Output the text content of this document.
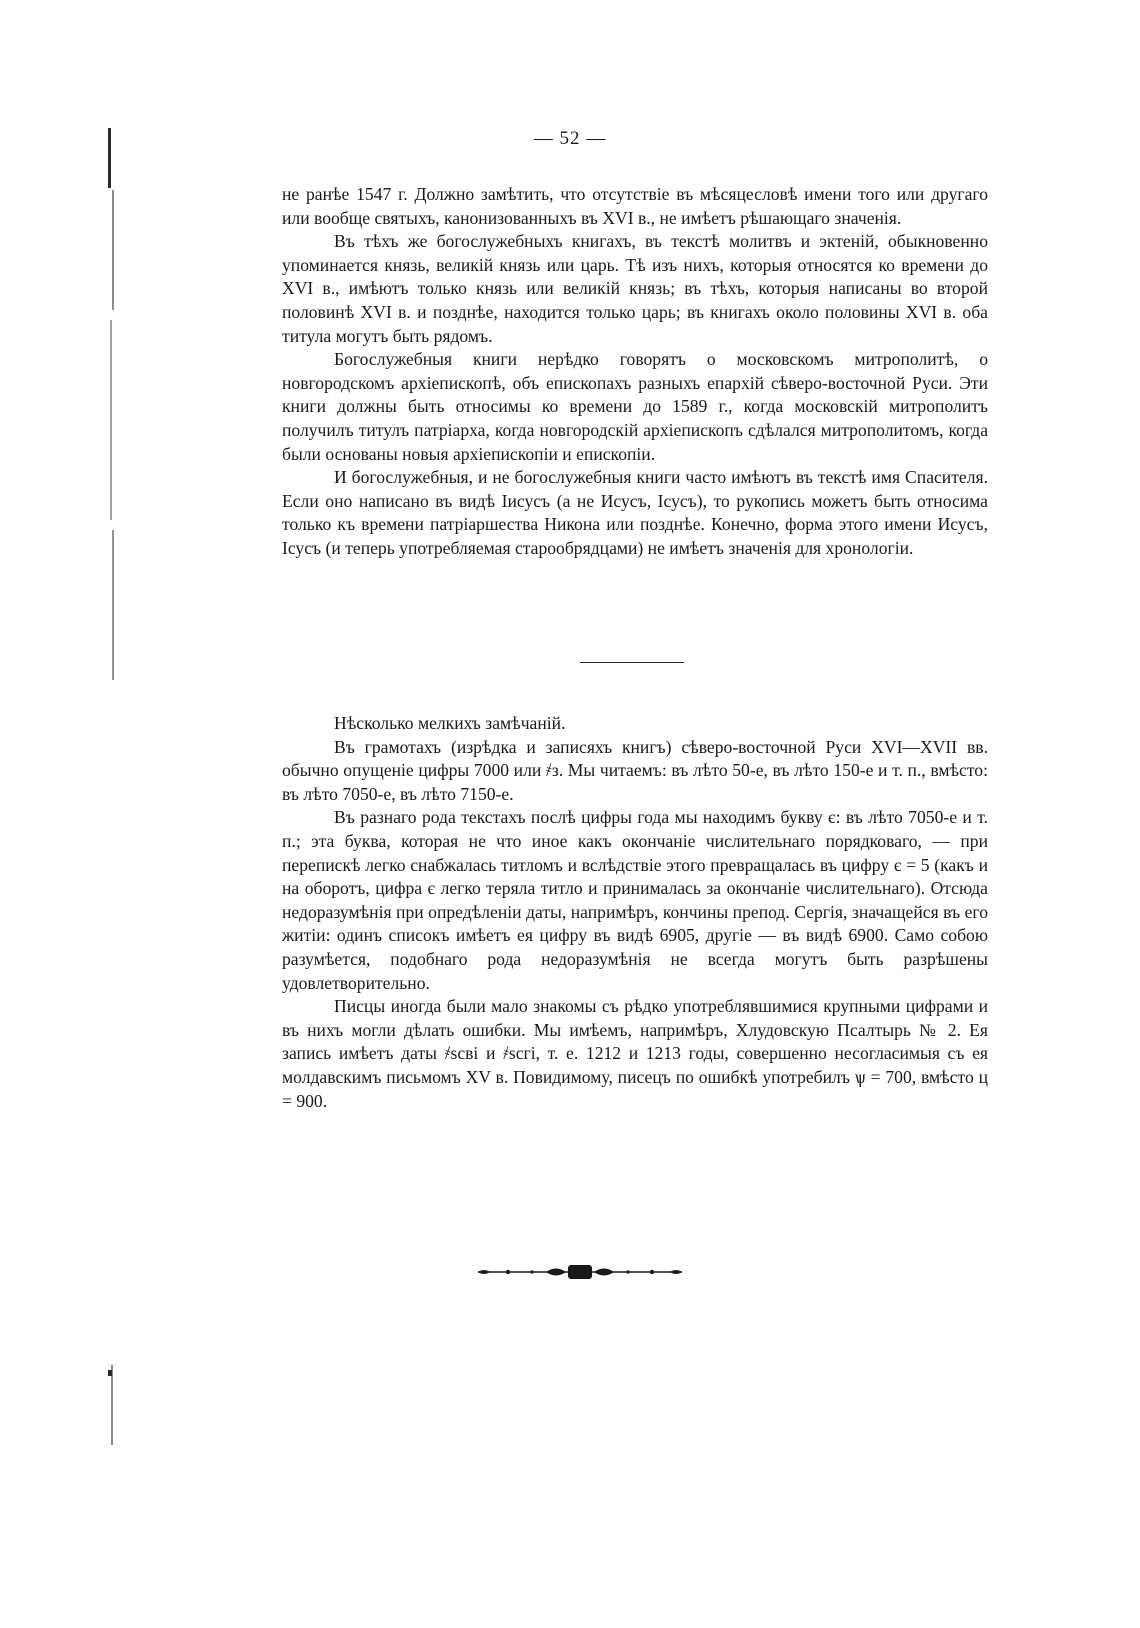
— 52 —

не ранѣе 1547 г. Должно замѣтить, что отсутствіе въ мѣсяцесловѣ имени того или другаго или вообще святыхъ, канонизованныхъ въ XVI в., не имѣетъ рѣшающаго значенія.

Въ тѣхъ же богослужебныхъ книгахъ, въ текстѣ молитвъ и эктеній, обыкновенно упоминается князь, великій князь или царь. Тѣ изъ нихъ, которыя относятся ко времени до XVI в., имѣютъ только князь или великій князь; въ тѣхъ, которыя написаны во второй половинѣ XVI в. и позднѣе, находится только царь; въ книгахъ около половины XVI в. оба титула могутъ быть рядомъ.

Богослужебныя книги нерѣдко говорятъ о московскомъ митрополитѣ, о новгородскомъ архіепископѣ, объ епископахъ разныхъ епархій сѣверо-восточной Руси. Эти книги должны быть относимы ко времени до 1589 г., когда московскій митрополитъ получилъ титулъ патріарха, когда новгородскій архіепископъ сдѣлался митрополитомъ, когда были основаны новыя архіепископіи и епископіи.

И богослужебныя, и не богослужебныя книги часто имѣютъ въ текстѣ имя Спасителя. Если оно написано въ видѣ Іисусъ (а не Исусъ, Ісусъ), то рукопись можетъ быть относима только къ времени патріаршества Никона или позднѣе. Конечно, форма этого имени Исусъ, Ісусъ (и теперь употребляемая старообрядцами) не имѣетъ значенія для хронологіи.

Нѣсколько мелкихъ замѣчаній.

Въ грамотахъ (изрѣдка и записяхъ книгъ) сѣверо-восточной Руси XVI—XVII вв. обычно опущеніе цифры 7000 или ҂з. Мы читаемъ: въ лѣто 50-е, въ лѣто 150-е и т. п., вмѣсто: въ лѣто 7050-е, въ лѣто 7150-е.

Въ разнаго рода текстахъ послѣ цифры года мы находимъ букву є: въ лѣто 7050-е и т. п.; эта буква, которая не что иное какъ окончаніе числительнаго порядковаго, — при перепискѣ легко снабжалась титломъ и вслѣдствіе этого превращалась въ цифру є = 5 (какъ и на оборотъ, цифра є легко теряла титло и принималась за окончаніе числительнаго). Отсюда недоразумѣнія при опредѣленіи даты, напримѣръ, кончины препод. Сергія, значащейся въ его житіи: одинъ списокъ имѣетъ ея цифру въ видѣ 6905, другіе — въ видѣ 6900. Само собою разумѣется, подобнаго рода недоразумѣнія не всегда могутъ быть разрѣшены удовлетворительно.

Писцы иногда были мало знакомы съ рѣдко употреблявшимися крупными цифрами и въ нихъ могли дѣлать ошибки. Мы имѣемъ, напримѣръ, Хлудовскую Псалтырь № 2. Ея запись имѣетъ даты ҂ѕсві и ҂ѕсгі, т. е. 1212 и 1213 годы, совершенно несогласимыя съ ея молдавскимъ письмомъ XV в. Повидимому, писецъ по ошибкѣ употребилъ ѱ = 700, вмѣсто ц = 900.
